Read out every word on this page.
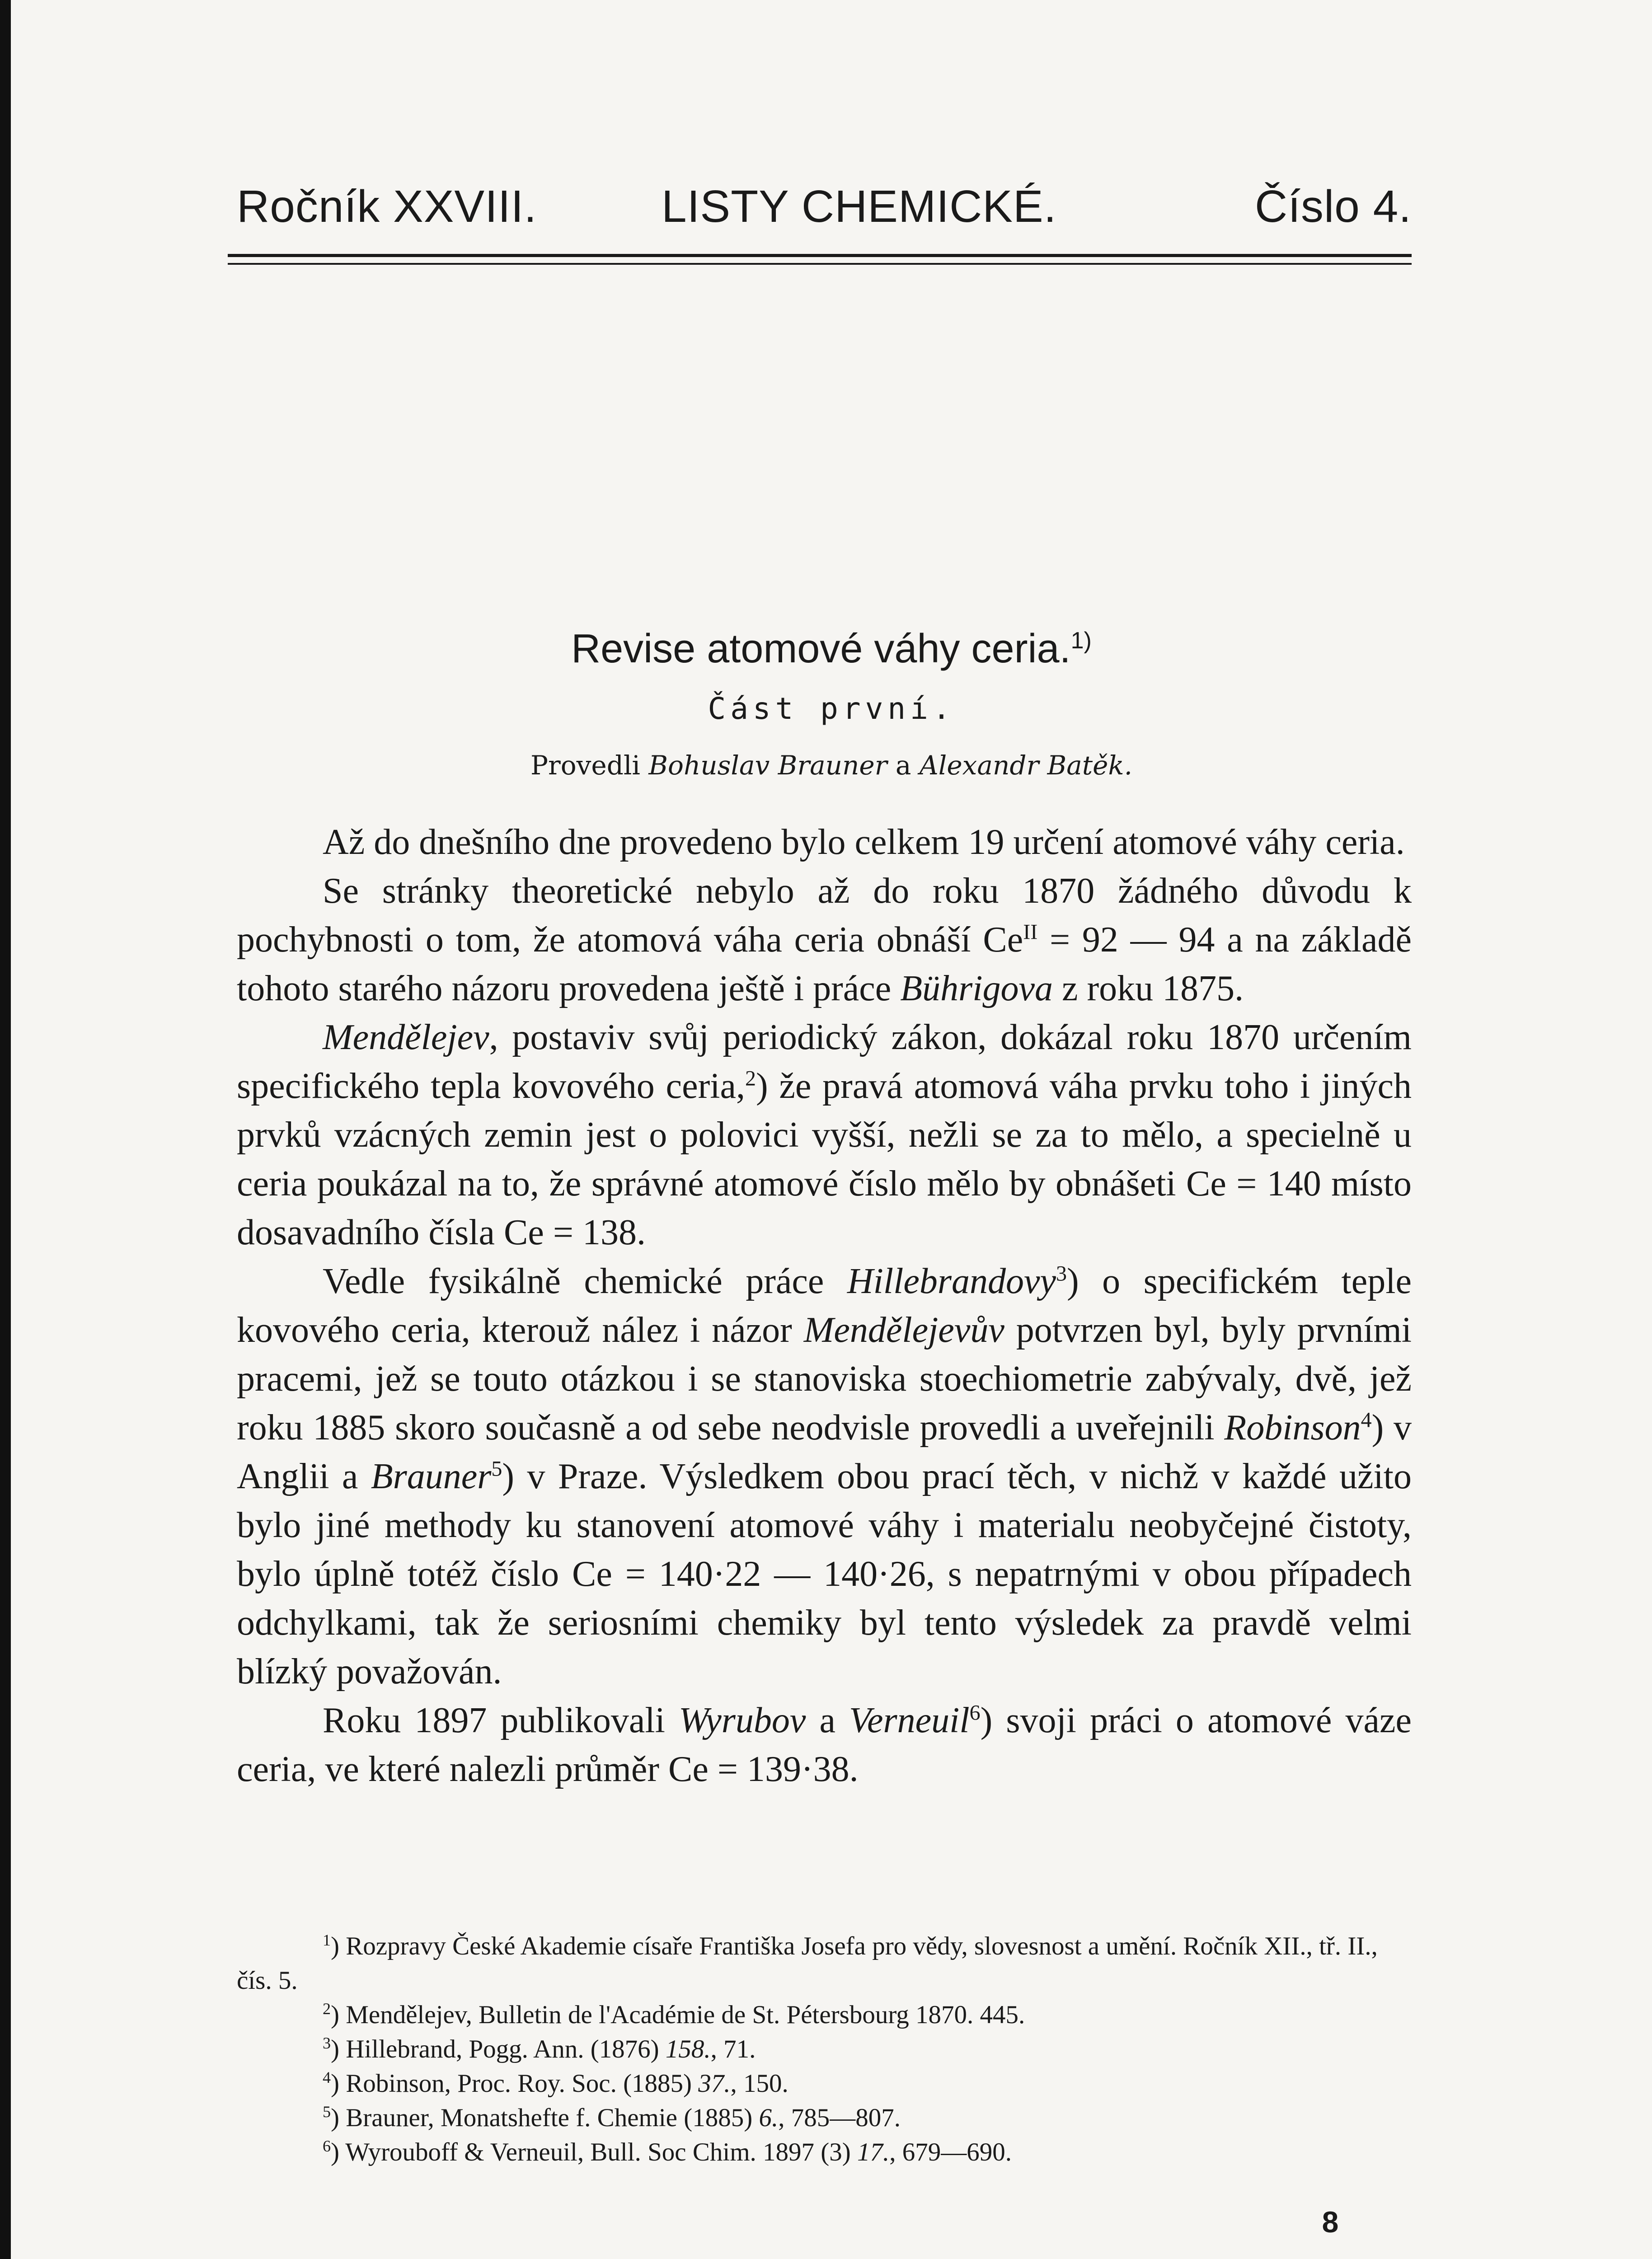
Ročník XXVIII.	LISTY CHEMICKÉ.	Číslo 4.
Revise atomové váhy ceria.$^{1)}$
Část první.
Provedli Bohuslav Brauner a Alexandr Batěk.

Až do dnešního dne provedeno bylo celkem 19 určení atomové váhy ceria.

Se stránky theoretické nebylo až do roku 1870 žádného důvodu k pochybnosti o tom, že atomová váha ceria obnáší $Ce^{II} = 92$ — 94 a na základě tohoto starého názoru provedena ještě i práce Bührigova z roku 1875.

Mendělejev, postaviv svůj periodický zákon, dokázal roku 1870 určením specifického tepla kovového ceria,$^2$) že pravá atomová váha prvku toho i jiných prvků vzácných zemin jest o polovici vyšší, nežli se za to mělo, a specielně u ceria poukázal na to, že správné atomové číslo mělo by obnášeti Ce = 140 místo dosavadního čísla Ce = 138.

Vedle fysikálně chemické práce Hillebrandovy$^3$) o specifickém teple kovového ceria, kterouž nález i názor Mendělejevův potvrzen byl, byly prvními pracemi, jež se touto otázkou i se stanoviska stoechiometrie zabývaly, dvě, jež roku 1885 skoro současně a od sebe neodvisle provedli a uveřejnili Robinson$^4$) v Anglii a Brauner$^5$) v Praze. Výsledkem obou prací těch, v nichž v každé užito bylo jiné methody ku stanovení atomové váhy i materialu neobyčejné čistoty, bylo úplně totéž číslo Ce = 140·22 — 140·26, s nepatrnými v obou případech odchylkami, tak že seriosními chemiky byl tento výsledek za pravdě velmi blízký považován.

Roku 1897 publikovali Wyrubov a Verneuil$^6$) svoji práci o atomové váze ceria, ve které nalezli průměr Ce = 139·38.

$^1$) Rozpravy České Akademie císaře Františka Josefa pro vědy, slovesnost a umění. Ročník XII., tř. II., čís. 5.

$^2$) Mendělejev, Bulletin de l'Académie de St. Pétersbourg 1870. 445.

$^3$) Hillebrand, Pogg. Ann. (1876) 158., 71.

$^4$) Robinson, Proc. Roy. Soc. (1885) 37., 150.

$^5$) Brauner, Monatshefte f. Chemie (1885) 6., 785—807.

$^6$) Wyrouboff & Verneuil, Bull. Soc Chim. 1897 (3) 17., 679—690.

8
